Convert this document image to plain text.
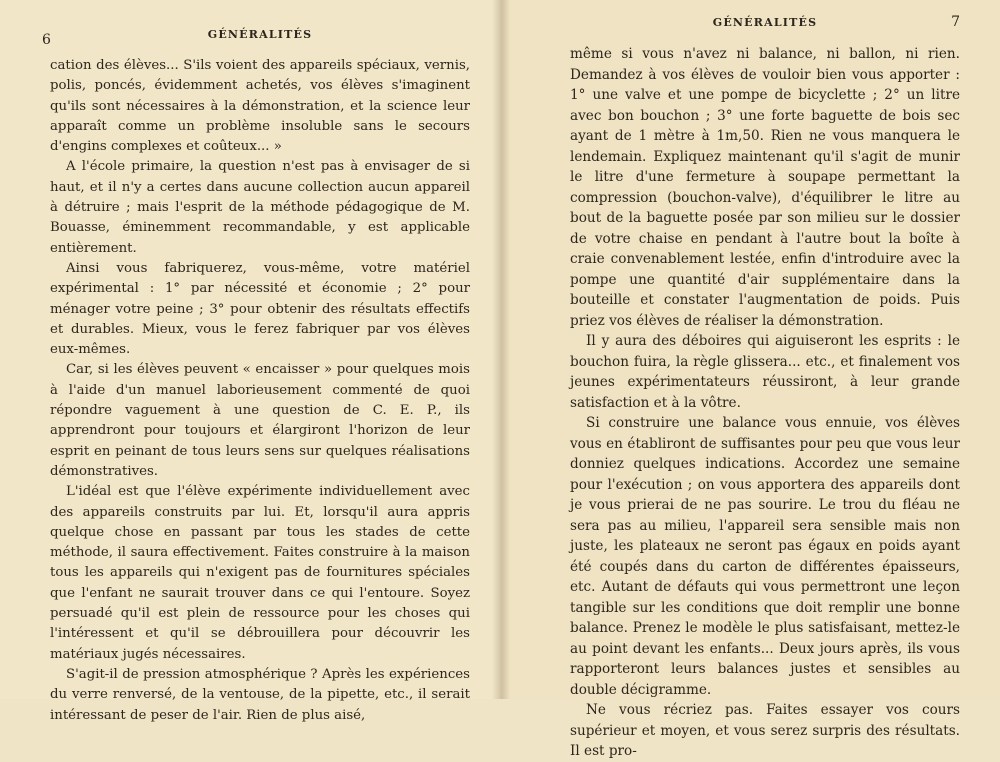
6	GÉNÉRALITÉS

cation des élèves... S'ils voient des appareils spéciaux, vernis, polis, poncés, évidemment achetés, vos élèves s'imaginent qu'ils sont nécessaires à la démonstration, et la science leur apparaît comme un problème insoluble sans le secours d'engins complexes et coûteux... »

A l'école primaire, la question n'est pas à envisager de si haut, et il n'y a certes dans aucune collection aucun appareil à détruire ; mais l'esprit de la méthode pédagogique de M. Bouasse, éminemment recommandable, y est applicable entièrement.

Ainsi vous fabriquerez, vous-même, votre matériel expérimental : 1° par nécessité et économie ; 2° pour ménager votre peine ; 3° pour obtenir des résultats effectifs et durables. Mieux, vous le ferez fabriquer par vos élèves eux-mêmes.

Car, si les élèves peuvent « encaisser » pour quelques mois à l'aide d'un manuel laborieusement commenté de quoi répondre vaguement à une question de C. E. P., ils apprendront pour toujours et élargiront l'horizon de leur esprit en peinant de tous leurs sens sur quelques réalisations démonstratives.

L'idéal est que l'élève expérimente individuellement avec des appareils construits par lui. Et, lorsqu'il aura appris quelque chose en passant par tous les stades de cette méthode, il saura effectivement. Faites construire à la maison tous les appareils qui n'exigent pas de fournitures spéciales que l'enfant ne saurait trouver dans ce qui l'entoure. Soyez persuadé qu'il est plein de ressource pour les choses qui l'intéressent et qu'il se débrouillera pour découvrir les matériaux jugés nécessaires.

S'agit-il de pression atmosphérique ? Après les expériences du verre renversé, de la ventouse, de la pipette, etc., il serait intéressant de peser de l'air. Rien de plus aisé,

GÉNÉRALITÉS	7

même si vous n'avez ni balance, ni ballon, ni rien. Demandez à vos élèves de vouloir bien vous apporter : 1° une valve et une pompe de bicyclette ; 2° un litre avec bon bouchon ; 3° une forte baguette de bois sec ayant de 1 mètre à 1m,50. Rien ne vous manquera le lendemain. Expliquez maintenant qu'il s'agit de munir le litre d'une fermeture à soupape permettant la compression (bouchon-valve), d'équilibrer le litre au bout de la baguette posée par son milieu sur le dossier de votre chaise en pendant à l'autre bout la boîte à craie convenablement lestée, enfin d'introduire avec la pompe une quantité d'air supplémentaire dans la bouteille et constater l'augmentation de poids. Puis priez vos élèves de réaliser la démonstration.

Il y aura des déboires qui aiguiseront les esprits : le bouchon fuira, la règle glissera... etc., et finalement vos jeunes expérimentateurs réussiront, à leur grande satisfaction et à la vôtre.

Si construire une balance vous ennuie, vos élèves vous en établiront de suffisantes pour peu que vous leur donniez quelques indications. Accordez une semaine pour l'exécution ; on vous apportera des appareils dont je vous prierai de ne pas sourire. Le trou du fléau ne sera pas au milieu, l'appareil sera sensible mais non juste, les plateaux ne seront pas égaux en poids ayant été coupés dans du carton de différentes épaisseurs, etc. Autant de défauts qui vous permettront une leçon tangible sur les conditions que doit remplir une bonne balance. Prenez le modèle le plus satisfaisant, mettez-le au point devant les enfants... Deux jours après, ils vous rapporteront leurs balances justes et sensibles au double décigramme.

Ne vous récriez pas. Faites essayer vos cours supérieur et moyen, et vous serez surpris des résultats. Il est pro-
